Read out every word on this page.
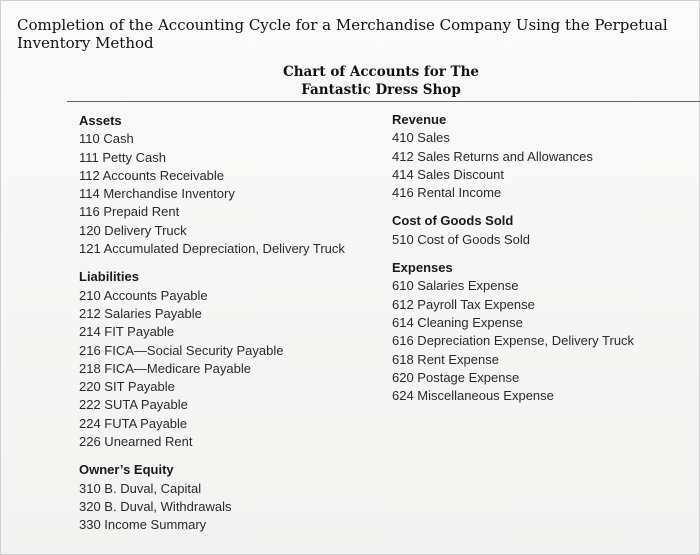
Completion of the Accounting Cycle for a Merchandise Company Using the Perpetual Inventory Method
Chart of Accounts for The
Fantastic Dress Shop
Assets
110 Cash
111 Petty Cash
112 Accounts Receivable
114 Merchandise Inventory
116 Prepaid Rent
120 Delivery Truck
121 Accumulated Depreciation, Delivery Truck
Liabilities
210 Accounts Payable
212 Salaries Payable
214 FIT Payable
216 FICA—Social Security Payable
218 FICA—Medicare Payable
220 SIT Payable
222 SUTA Payable
224 FUTA Payable
226 Unearned Rent
Owner’s Equity
310 B. Duval, Capital
320 B. Duval, Withdrawals
330 Income Summary
Revenue
410 Sales
412 Sales Returns and Allowances
414 Sales Discount
416 Rental Income
Cost of Goods Sold
510 Cost of Goods Sold
Expenses
610 Salaries Expense
612 Payroll Tax Expense
614 Cleaning Expense
616 Depreciation Expense, Delivery Truck
618 Rent Expense
620 Postage Expense
624 Miscellaneous Expense
